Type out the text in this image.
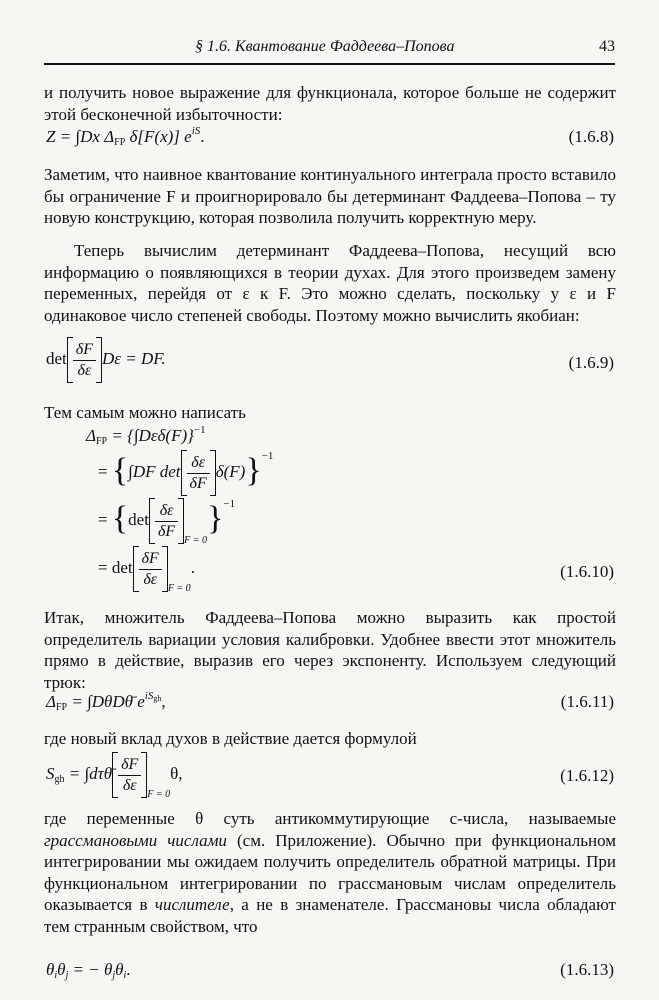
§ 1.6. Квантование Фаддеева–Попова	43

и получить новое выражение для функционала, которое больше не содержит этой бесконечной избыточности:

Z = ∫Dx ΔFP δ[F(x)] $e^{iS}$.	(1.6.8)

Заметим, что наивное квантование континуального интеграла просто вставило бы ограничение F и проигнорировало бы детерминант Фаддеева–Попова – ту новую конструкцию, которая позволила получить корректную меру.

Теперь вычислим детерминант Фаддеева–Попова, несущий всю информацию о появляющихся в теории духах. Для этого произведем замену переменных, перейдя от ε к F. Это можно сделать, поскольку у ε и F одинаковое число степеней свободы. Поэтому можно вычислить якобиан:

$\det \frac{\delta F}{\delta\varepsilon}$ Dε = DF.	(1.6.9)

Тем самым можно написать

$\Delta FP = \{\int D\varepsilon\delta(F)\}^{-1}$
= {∫DF $\det \frac{\delta\varepsilon}{\delta F} \delta(F)\}^{-1}$
= $\{\det \frac{\delta\varepsilon}{\delta F} _{F = 0}\}^{-1}$
= $\det \frac{\delta F}{\delta\varepsilon} _{F = 0}$.	(1.6.10)

Итак, множитель Фаддеева–Попова можно выразить как простой определитель вариации условия калибровки. Удобнее ввести этот множитель прямо в действие, выразив его через экспоненту. Используем следующий трюк:

ΔFP = ∫DθDθ̄ $e^{iSgh}$,	(1.6.11)

где новый вклад духов в действие дается формулой

Sgh = ∫dτθ̄ $\frac{\delta F}{\delta\varepsilon} _{F = 0}\theta$,	(1.6.12)

где переменные θ суть антикоммутирующие c-числа, называемые грассмановыми числами (см. Приложение). Обычно при функциональном интегрировании мы ожидаем получить определитель обратной матрицы. При функциональном интегрировании по грассмановым числам определитель оказывается в числителе, а не в знаменателе. Грассмановы числа обладают тем странным свойством, что

θiθj = − θjθi.	(1.6.13)
